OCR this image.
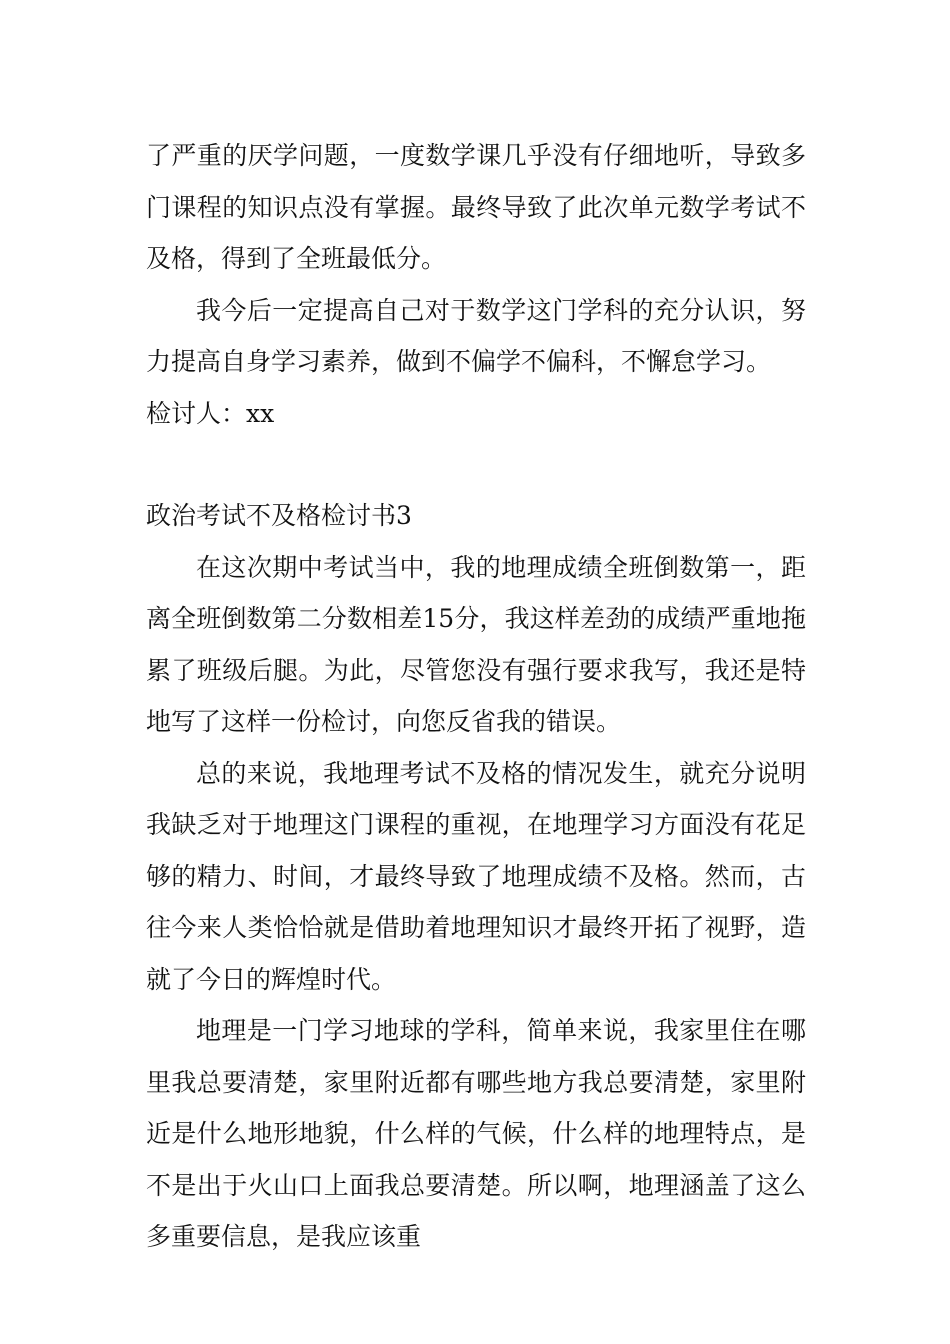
了严重的厌学问题，一度数学课几乎没有仔细地听，导致多门课程的知识点没有掌握。最终导致了此次单元数学考试不及格，得到了全班最低分。

我今后一定提高自己对于数学这门学科的充分认识，努力提高自身学习素养，做到不偏学不偏科，不懈怠学习。

检讨人：xx

政治考试不及格检讨书3

在这次期中考试当中，我的地理成绩全班倒数第一，距离全班倒数第二分数相差15分，我这样差劲的成绩严重地拖累了班级后腿。为此，尽管您没有强行要求我写，我还是特地写了这样一份检讨，向您反省我的错误。

总的来说，我地理考试不及格的情况发生，就充分说明我缺乏对于地理这门课程的重视，在地理学习方面没有花足够的精力、时间，才最终导致了地理成绩不及格。然而，古往今来人类恰恰就是借助着地理知识才最终开拓了视野，造就了今日的辉煌时代。

地理是一门学习地球的学科，简单来说，我家里住在哪里我总要清楚，家里附近都有哪些地方我总要清楚，家里附近是什么地形地貌，什么样的气候，什么样的地理特点，是不是出于火山口上面我总要清楚。所以啊，地理涵盖了这么多重要信息，是我应该重
